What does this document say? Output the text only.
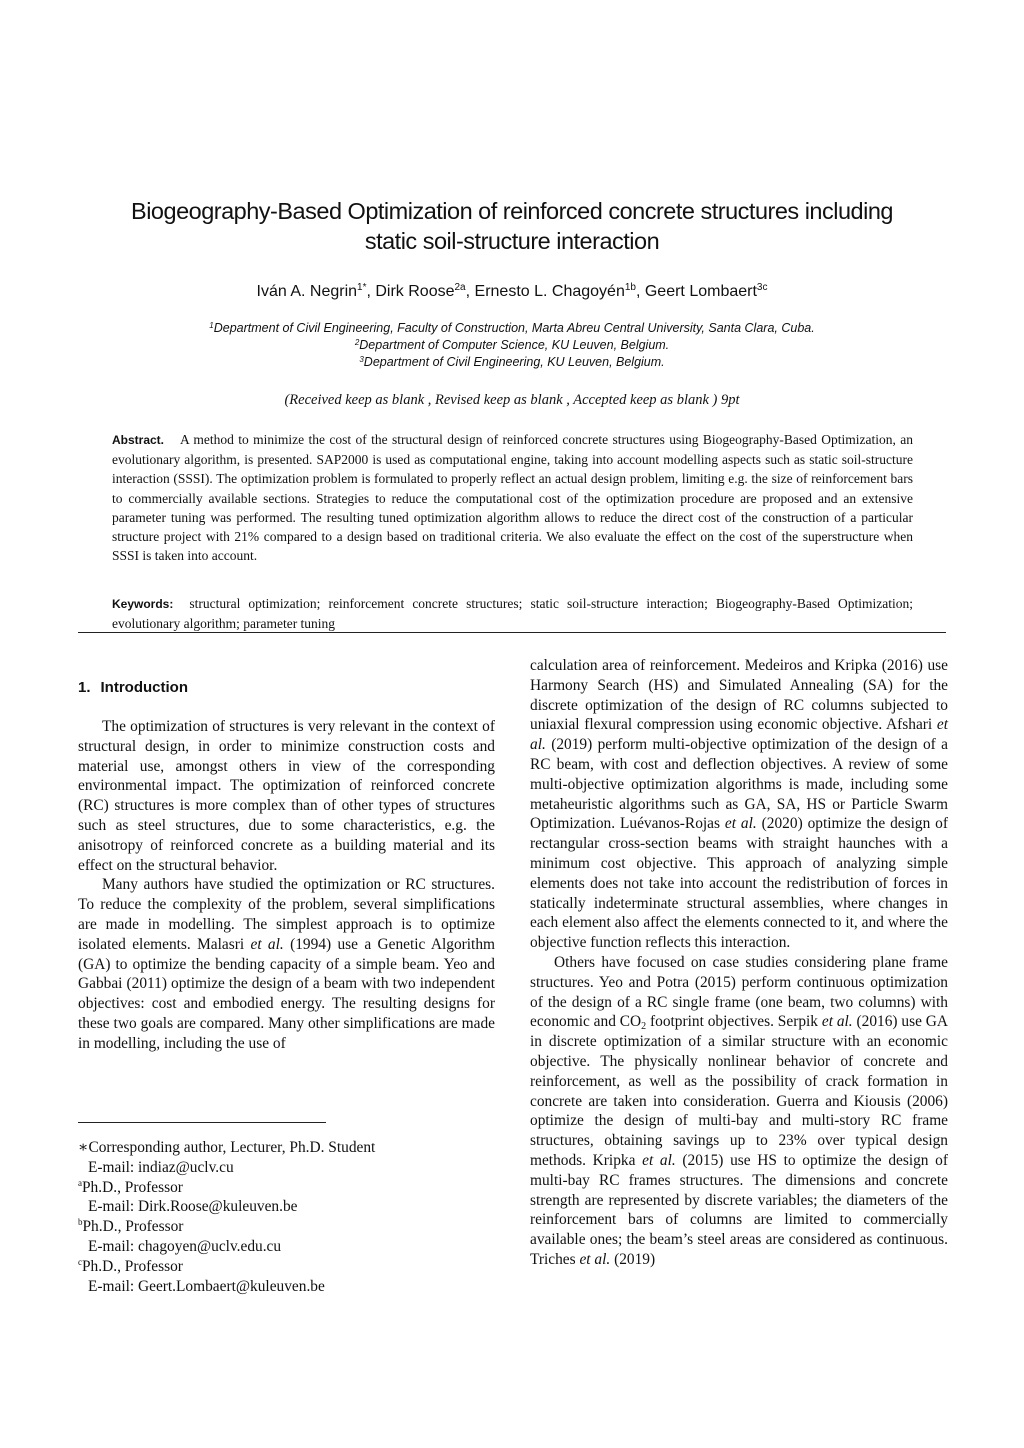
Biogeography-Based Optimization of reinforced concrete structures including
static soil-structure interaction
Iván A. Negrin$^{1*}$, Dirk Roose$^{2a}$, Ernesto L. Chagoyén$^{1b}$, Geert Lombaert$^{3c}$
$^1$Department of Civil Engineering, Faculty of Construction, Marta Abreu Central University, Santa Clara, Cuba.
$^2$Department of Computer Science, KU Leuven, Belgium.
$^3$Department of Civil Engineering, KU Leuven, Belgium.
(Received keep as blank , Revised keep as blank , Accepted keep as blank ) 9pt
Abstract. A method to minimize the cost of the structural design of reinforced concrete structures using Biogeography-Based Optimization, an evolutionary algorithm, is presented. SAP2000 is used as computational engine, taking into account modelling aspects such as static soil-structure interaction (SSSI). The optimization problem is formulated to properly reflect an actual design problem, limiting e.g. the size of reinforcement bars to commercially available sections. Strategies to reduce the computational cost of the optimization procedure are proposed and an extensive parameter tuning was performed. The resulting tuned optimization algorithm allows to reduce the direct cost of the construction of a particular structure project with 21% compared to a design based on traditional criteria. We also evaluate the effect on the cost of the superstructure when SSSI is taken into account.
Keywords: structural optimization; reinforcement concrete structures; static soil-structure interaction; Biogeography-Based Optimization; evolutionary algorithm; parameter tuning
1. Introduction

The optimization of structures is very relevant in the context of structural design, in order to minimize construction costs and material use, amongst others in view of the corresponding environmental impact. The optimization of reinforced concrete (RC) structures is more complex than of other types of structures such as steel structures, due to some characteristics, e.g. the anisotropy of reinforced concrete as a building material and its effect on the structural behavior.

Many authors have studied the optimization or RC structures. To reduce the complexity of the problem, several simplifications are made in modelling. The simplest approach is to optimize isolated elements. Malasri et al. (1994) use a Genetic Algorithm (GA) to optimize the bending capacity of a simple beam. Yeo and Gabbai (2011) optimize the design of a beam with two independent objectives: cost and embodied energy. The resulting designs for these two goals are compared. Many other simplifications are made in modelling, including the use of

calculation area of reinforcement. Medeiros and Kripka (2016) use Harmony Search (HS) and Simulated Annealing (SA) for the discrete optimization of the design of RC columns subjected to uniaxial flexural compression using economic objective. Afshari et al. (2019) perform multi-objective optimization of the design of a RC beam, with cost and deflection objectives. A review of some multi-objective optimization algorithms is made, including some metaheuristic algorithms such as GA, SA, HS or Particle Swarm Optimization. Luévanos-Rojas et al. (2020) optimize the design of rectangular cross-section beams with straight haunches with a minimum cost objective. This approach of analyzing simple elements does not take into account the redistribution of forces in statically indeterminate structural assemblies, where changes in each element also affect the elements connected to it, and where the objective function reflects this interaction.

Others have focused on case studies considering plane frame structures. Yeo and Potra (2015) perform continuous optimization of the design of a RC single frame (one beam, two columns) with economic and $CO_2$ footprint objectives. Serpik et al. (2016) use GA in discrete optimization of a similar structure with an economic objective. The physically nonlinear behavior of concrete and reinforcement, as well as the possibility of crack formation in concrete are taken into consideration. Guerra and Kiousis (2006) optimize the design of multi-bay and multi-story RC frame structures, obtaining savings up to 23% over typical design methods. Kripka et al. (2015) use HS to optimize the design of multi-bay RC frames structures. The dimensions and concrete strength are represented by discrete variables; the diameters of the reinforcement bars of columns are limited to commercially available ones; the beam’s steel areas are considered as continuous. Triches et al. (2019)

∗Corresponding author, Lecturer, Ph.D. Student
E-mail: indiaz@uclv.cu
$^a$Ph.D., Professor
E-mail: Dirk.Roose@kuleuven.be
$^b$Ph.D., Professor
E-mail: chagoyen@uclv.edu.cu
$^c$Ph.D., Professor
E-mail: Geert.Lombaert@kuleuven.be
